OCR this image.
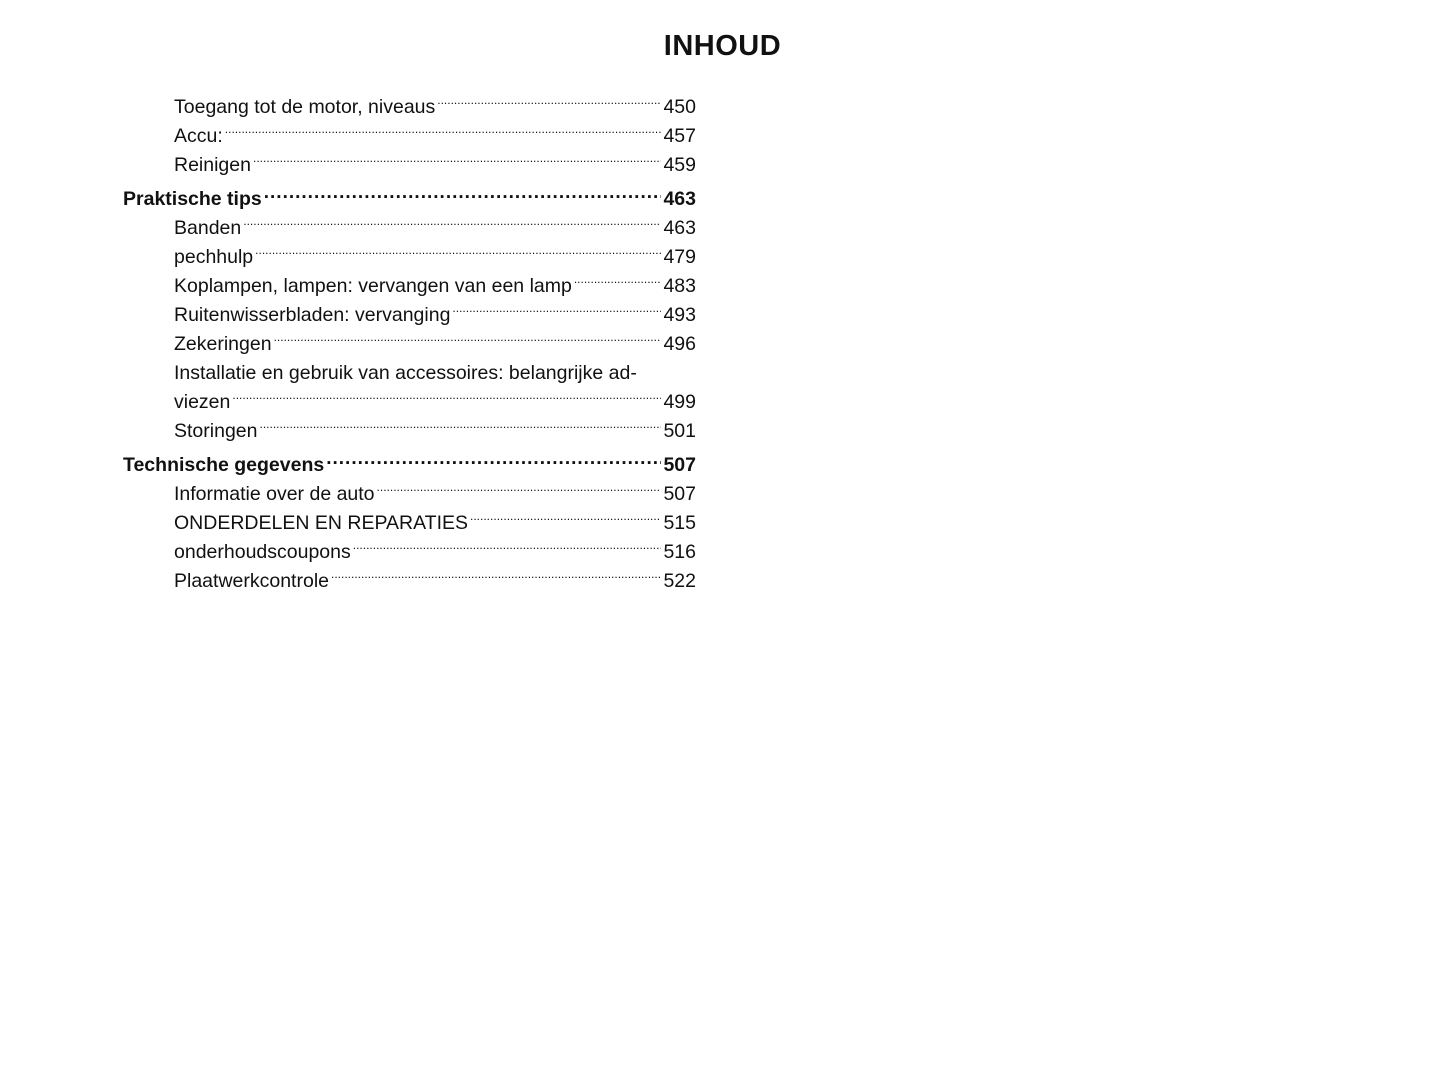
INHOUD
Toegang tot de motor, niveaus .....	450
Accu: .....	457
Reinigen .....	459
Praktische tips .....	463
Banden .....	463
pechhulp .....	479
Koplampen, lampen: vervangen van een lamp .....	483
Ruitenwisserbladen: vervanging .....	493
Zekeringen .....	496
Installatie en gebruik van accessoires: belangrijke ad-
viezen .....	499
Storingen .....	501
Technische gegevens .....	507
Informatie over de auto .....	507
ONDERDELEN EN REPARATIES .....	515
onderhoudscoupons .....	516
Plaatwerkcontrole .....	522
